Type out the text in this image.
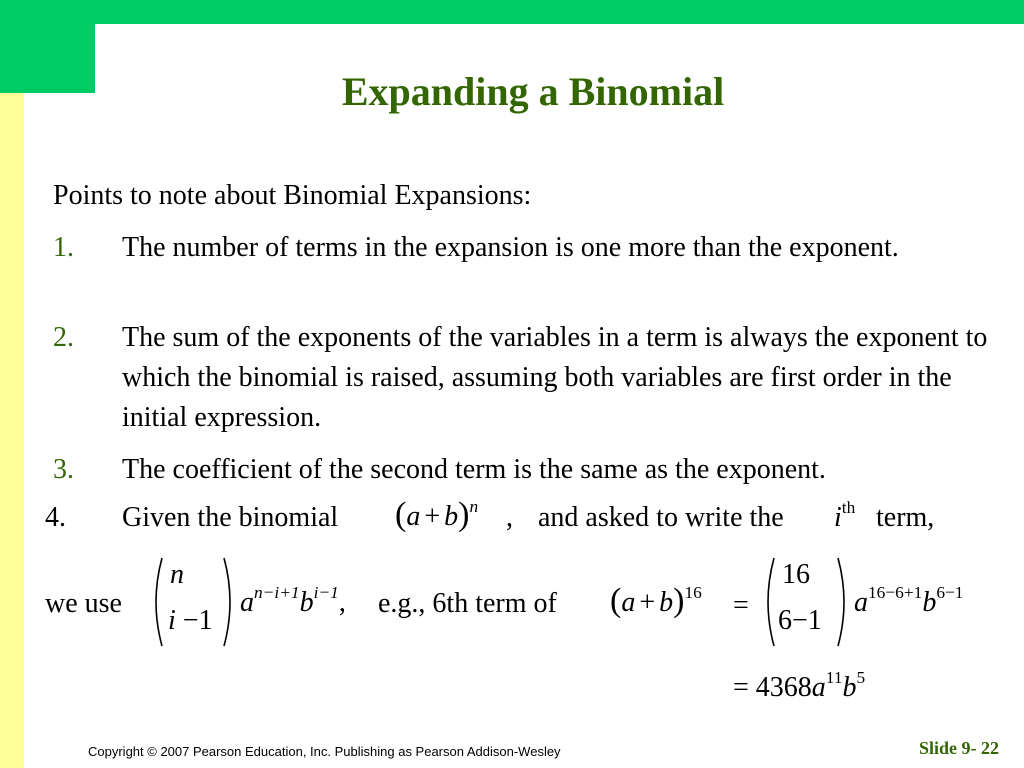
Expanding a Binomial
Points to note about Binomial Expansions:
1. The number of terms in the expansion is one more than the exponent.
2. The sum of the exponents of the variables in a term is always the exponent to which the binomial is raised, assuming both variables are first order in the initial expression.
3. The coefficient of the second term is the same as the exponent.
4. Given the binomial $(a + b)^n$ , and asked to write the $i^{th}$ term,
we use
n
i −1
$a^{n-i+1}b^{i-1}$, e.g., 6th term of $(a + b)^{16}$ =
16
6−1
$a^{16-6+1}b^{6-1}$
= $4368a^{11}b^5$
Copyright © 2007 Pearson Education, Inc. Publishing as Pearson Addison-Wesley	Slide 9- 22
